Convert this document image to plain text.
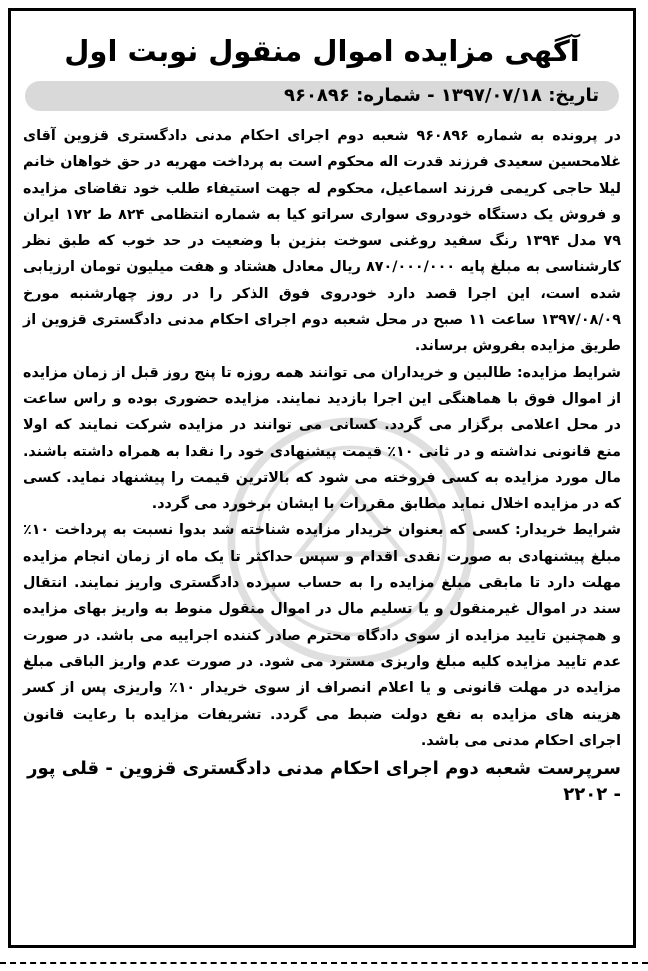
آگهی مزایده اموال منقول نوبت اول
تاریخ: ۱۳۹۷/۰۷/۱۸ - شماره: ۹۶۰۸۹۶

در پرونده به شماره ۹۶۰۸۹۶ شعبه دوم اجرای احکام مدنی دادگستری قزوین آقای غلامحسین سعیدی فرزند قدرت اله محکوم است به پرداخت مهریه در حق خواهان خانم لیلا حاجی کریمی فرزند اسماعیل، محکوم له جهت استیفاء طلب خود تقاضای مزایده و فروش یک دستگاه خودروی سواری سراتو کیا به شماره انتظامی ۸۲۴ ط ۱۷۲ ایران ۷۹ مدل ۱۳۹۴ رنگ سفید روغنی سوخت بنزین با وضعیت در حد خوب که طبق نظر کارشناسی به مبلغ پایه ۸۷۰/۰۰۰/۰۰۰ ریال معادل هشتاد و هفت میلیون تومان ارزیابی شده است، این اجرا قصد دارد خودروی فوق الذکر را در روز چهارشنبه مورخ ۱۳۹۷/۰۸/۰۹ ساعت ۱۱ صبح در محل شعبه دوم اجرای احکام مدنی دادگستری قزوین از طریق مزایده بفروش برساند.

شرایط مزایده: طالبین و خریداران می توانند همه روزه تا پنج روز قبل از زمان مزایده از اموال فوق با هماهنگی این اجرا بازدید نمایند. مزایده حضوری بوده و راس ساعت در محل اعلامی برگزار می گردد. کسانی می توانند در مزایده شرکت نمایند که اولا منع قانونی نداشته و در ثانی ۱۰٪ قیمت پیشنهادی خود را نقدا به همراه داشته باشند. مال مورد مزایده به کسی فروخته می شود که بالاترین قیمت را پیشنهاد نماید. کسی که در مزایده اخلال نماید مطابق مقررات با ایشان برخورد می گردد.

شرایط خریدار: کسی که بعنوان خریدار مزایده شناخته شد بدوا نسبت به پرداخت ۱۰٪ مبلغ پیشنهادی به صورت نقدی اقدام و سپس حداکثر تا یک ماه از زمان انجام مزایده مهلت دارد تا مابقی مبلغ مزایده را به حساب سپرده دادگستری واریز نمایند. انتقال سند در اموال غیرمنقول و یا تسلیم مال در اموال منقول منوط به واریز بهای مزایده و همچنین تایید مزایده از سوی دادگاه محترم صادر کننده اجراییه می باشد. در صورت عدم تایید مزایده کلیه مبلغ واریزی مسترد می شود. در صورت عدم واریز الباقی مبلغ مزایده در مهلت قانونی و یا اعلام انصراف از سوی خریدار ۱۰٪ واریزی پس از کسر هزینه های مزایده به نفع دولت ضبط می گردد. تشریفات مزایده با رعایت قانون اجرای احکام مدنی می باشد.

سرپرست شعبه دوم اجرای احکام مدنی دادگستری قزوین - قلی پور - ۲۲۰۲
